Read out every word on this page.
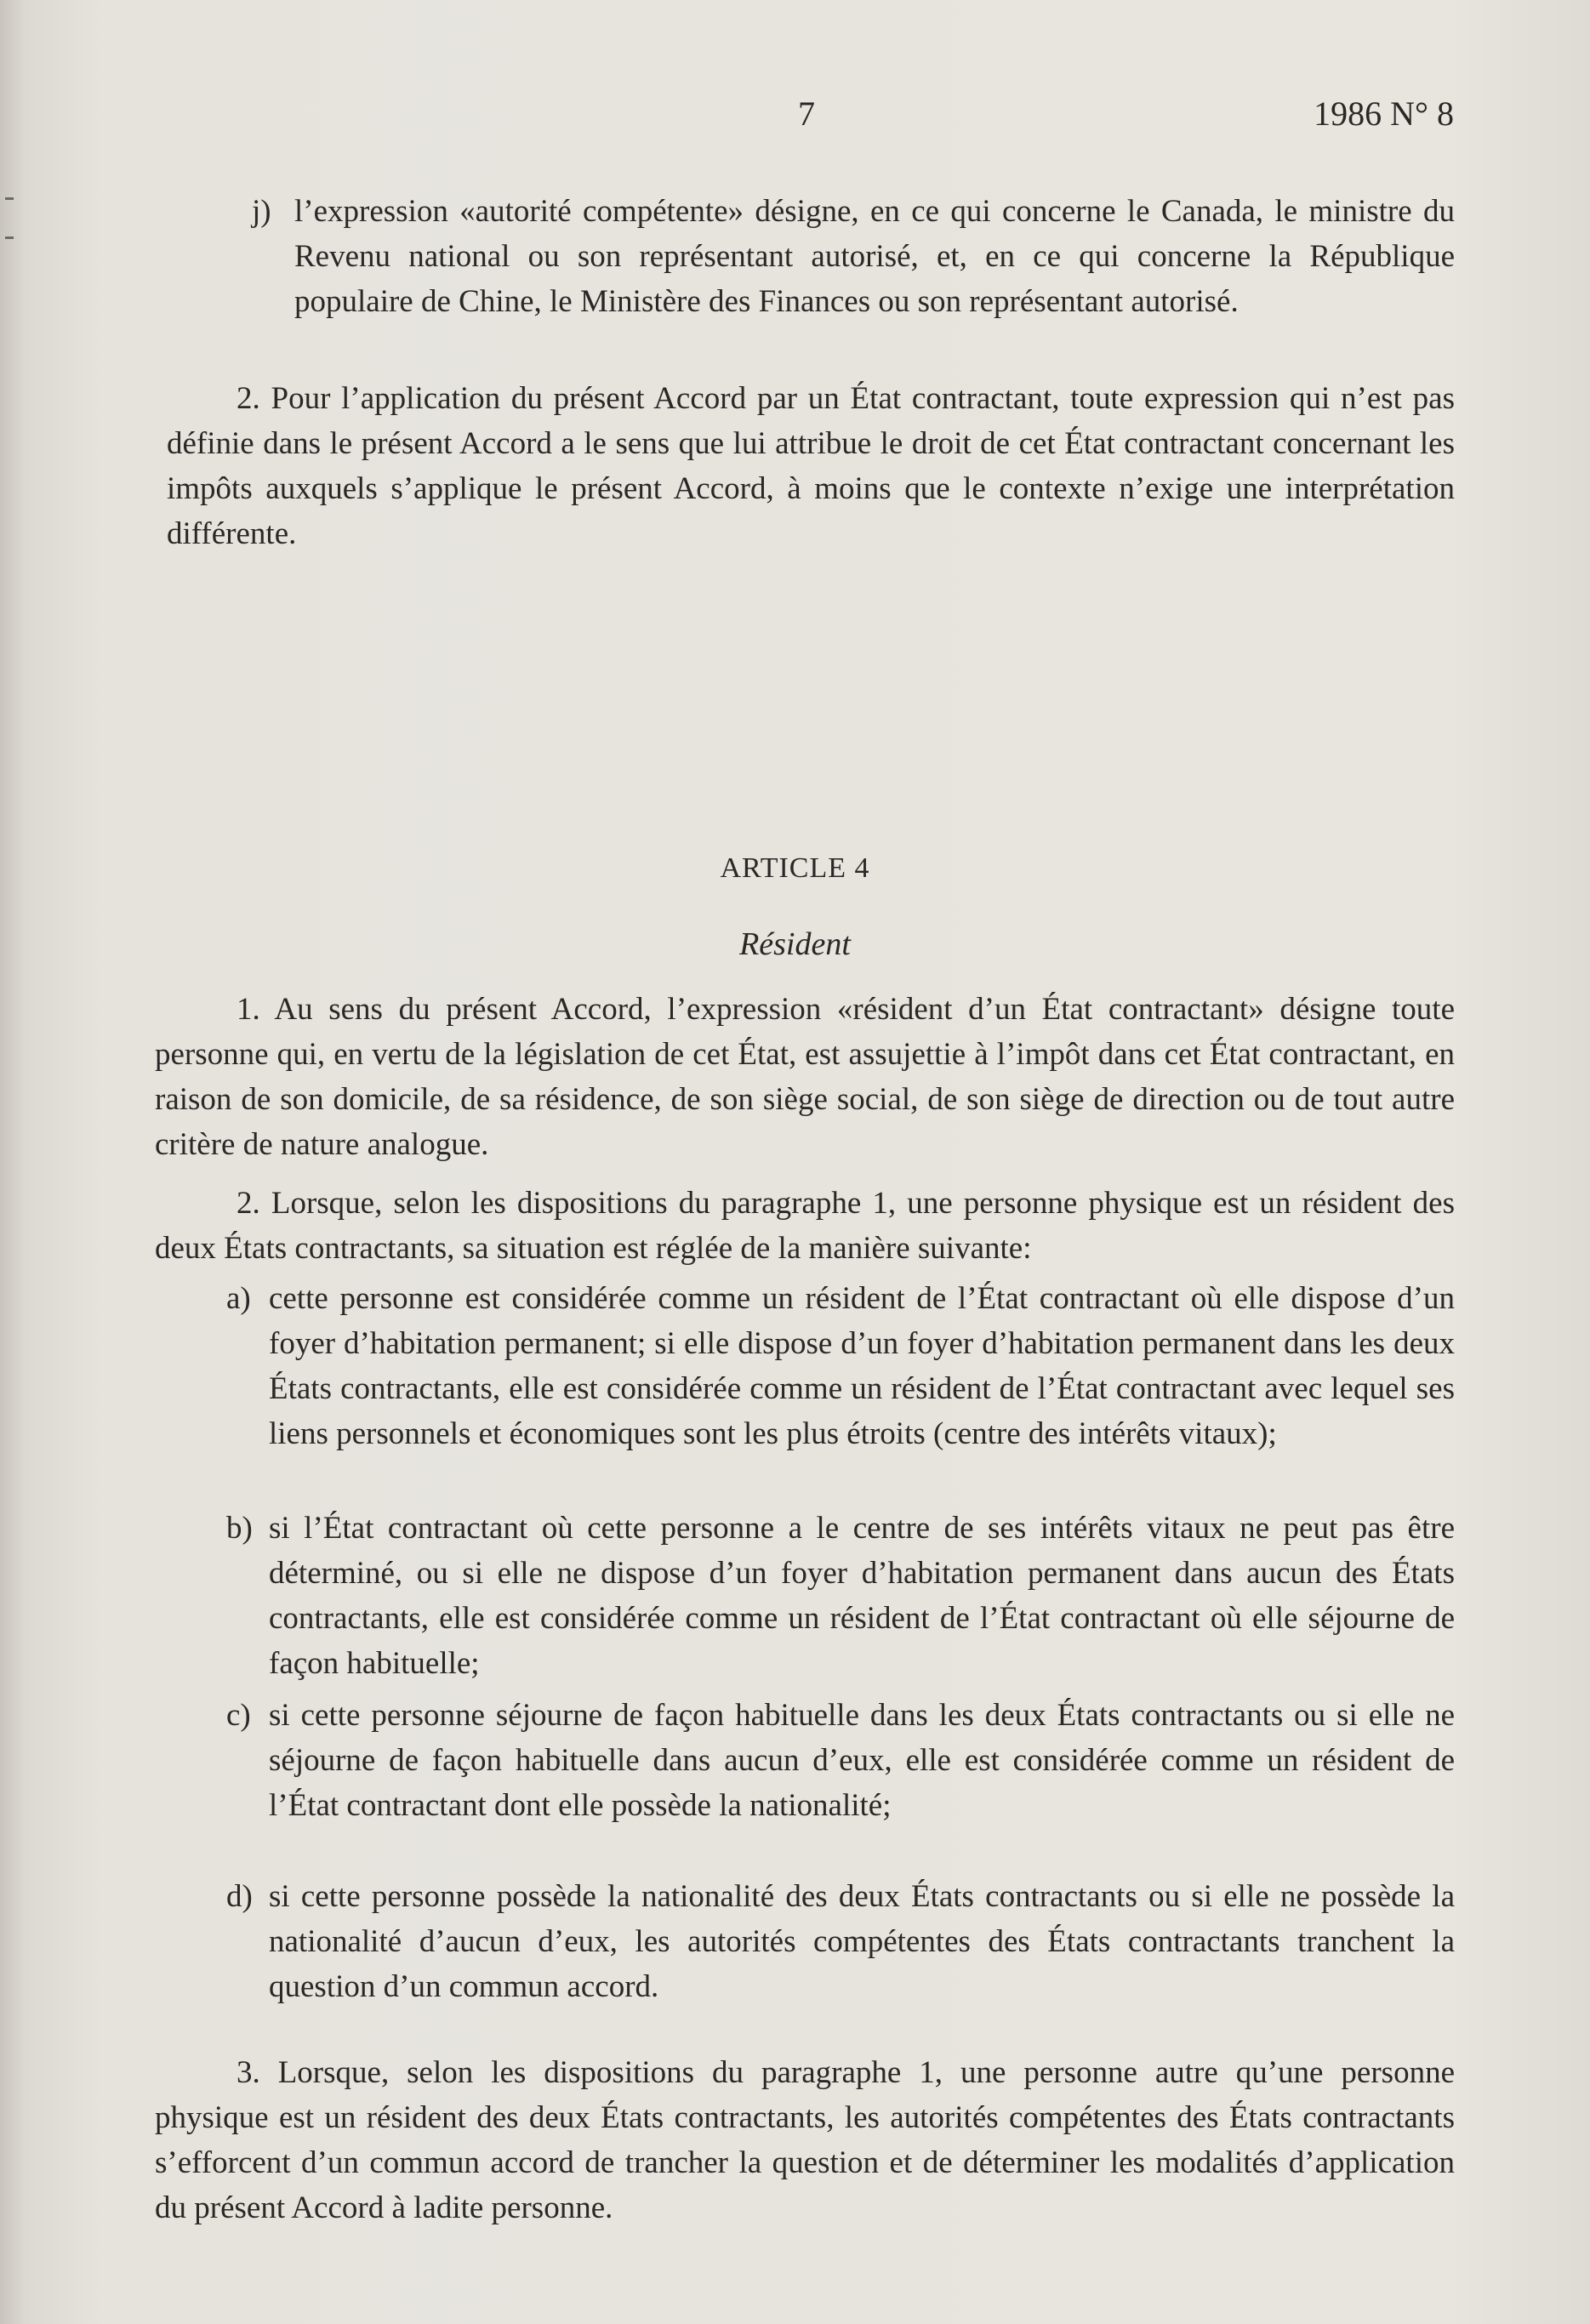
7	1986 N° 8
j) l’expression «autorité compétente» désigne, en ce qui concerne le Canada, le ministre du Revenu national ou son représentant autorisé, et, en ce qui concerne la République populaire de Chine, le Ministère des Finances ou son représentant autorisé.
2. Pour l’application du présent Accord par un État contractant, toute expression qui n’est pas définie dans le présent Accord a le sens que lui attribue le droit de cet État contractant concernant les impôts auxquels s’applique le présent Accord, à moins que le contexte n’exige une interprétation différente.
ARTICLE 4
Résident
1. Au sens du présent Accord, l’expression «résident d’un État contractant» désigne toute personne qui, en vertu de la législation de cet État, est assujettie à l’impôt dans cet État contractant, en raison de son domicile, de sa résidence, de son siège social, de son siège de direction ou de tout autre critère de nature analogue.
2. Lorsque, selon les dispositions du paragraphe 1, une personne physique est un résident des deux États contractants, sa situation est réglée de la manière suivante:
a) cette personne est considérée comme un résident de l’État contractant où elle dispose d’un foyer d’habitation permanent; si elle dispose d’un foyer d’habitation permanent dans les deux États contractants, elle est considérée comme un résident de l’État contractant avec lequel ses liens personnels et économiques sont les plus étroits (centre des intérêts vitaux);
b) si l’État contractant où cette personne a le centre de ses intérêts vitaux ne peut pas être déterminé, ou si elle ne dispose d’un foyer d’habitation permanent dans aucun des États contractants, elle est considérée comme un résident de l’État contractant où elle séjourne de façon habituelle;
c) si cette personne séjourne de façon habituelle dans les deux États contractants ou si elle ne séjourne de façon habituelle dans aucun d’eux, elle est considérée comme un résident de l’État contractant dont elle possède la nationalité;
d) si cette personne possède la nationalité des deux États contractants ou si elle ne possède la nationalité d’aucun d’eux, les autorités compétentes des États contractants tranchent la question d’un commun accord.
3. Lorsque, selon les dispositions du paragraphe 1, une personne autre qu’une personne physique est un résident des deux États contractants, les autorités compétentes des États contractants s’efforcent d’un commun accord de trancher la question et de déterminer les modalités d’application du présent Accord à ladite personne.
